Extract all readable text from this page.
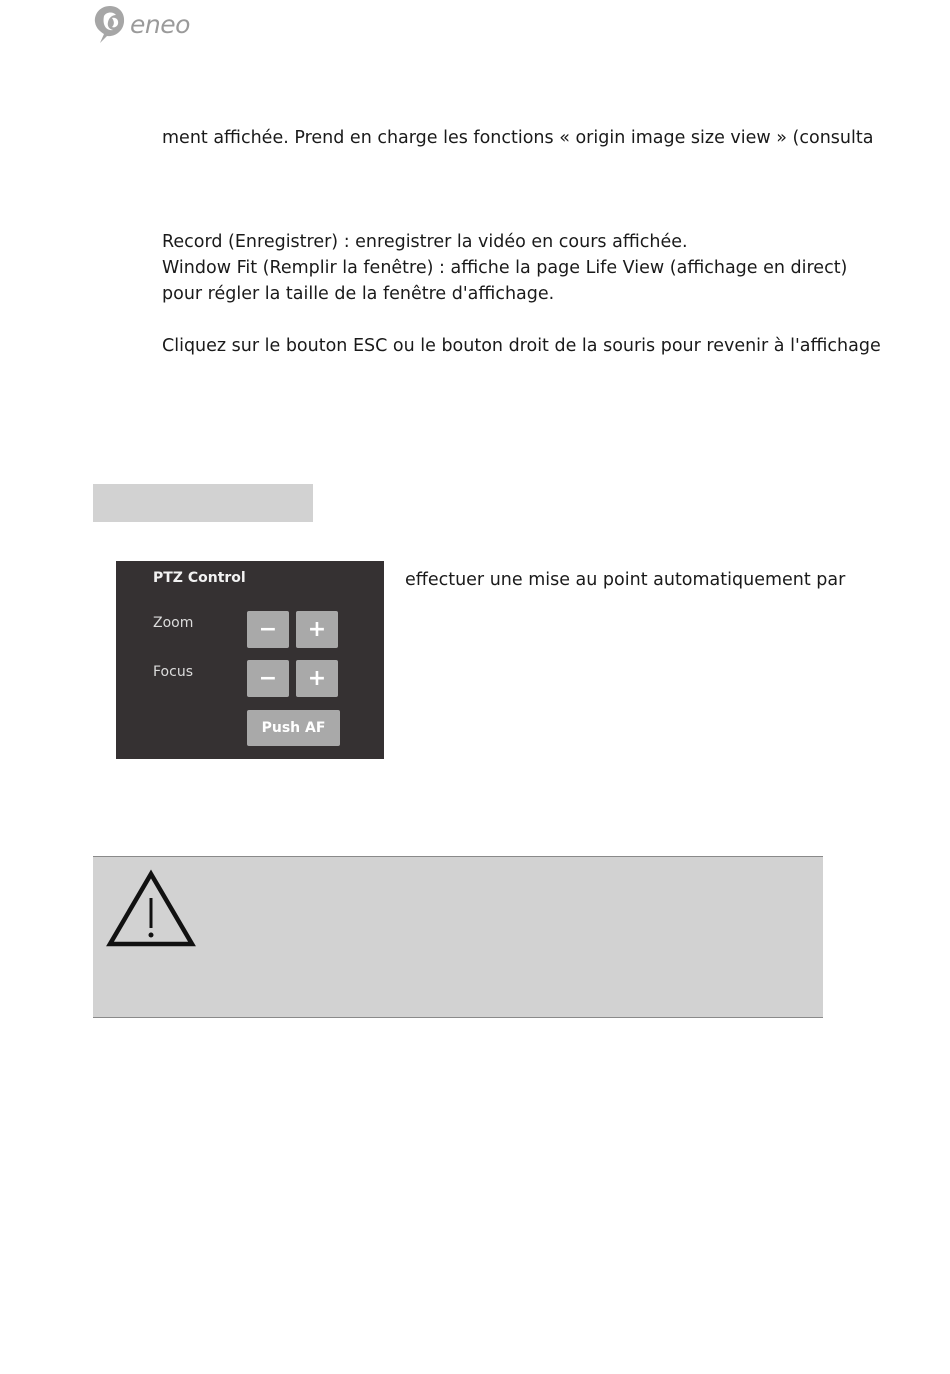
eneo
ment affichée. Prend en charge les fonctions « origin image size view » (consulta
Record (Enregistrer) : enregistrer la vidéo en cours affichée.
Window Fit (Remplir la fenêtre) : affiche la page Life View (affichage en direct)
pour régler la taille de la fenêtre d'affichage.
Cliquez sur le bouton ESC ou le bouton droit de la souris pour revenir à l'affichage
PTZ Control
Zoom	−	+
Focus	−	+
Push AF
effectuer une mise au point automatiquement par
